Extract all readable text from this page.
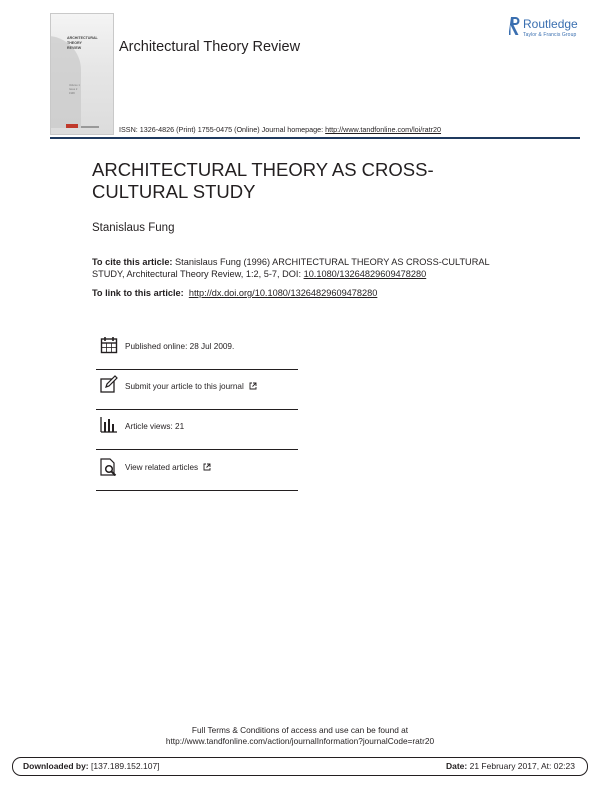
ARCHITECTURAL
THEORY
REVIEW
Volume 1
Issue 2
1996
Architectural Theory Review
Routledge
Taylor & Francis Group
ISSN: 1326-4826 (Print) 1755-0475 (Online) Journal homepage: http://www.tandfonline.com/loi/ratr20
ARCHITECTURAL THEORY AS CROSS-CULTURAL STUDY
Stanislaus Fung
To cite this article: Stanislaus Fung (1996) ARCHITECTURAL THEORY AS CROSS-CULTURAL STUDY, Architectural Theory Review, 1:2, 5-7, DOI: 10.1080/13264829609478280
To link to this article: http://dx.doi.org/10.1080/13264829609478280
Published online: 28 Jul 2009.
Submit your article to this journal
Article views: 21
View related articles
Full Terms & Conditions of access and use can be found at
http://www.tandfonline.com/action/journalInformation?journalCode=ratr20
Downloaded by: [137.189.152.107]	Date: 21 February 2017, At: 02:23
